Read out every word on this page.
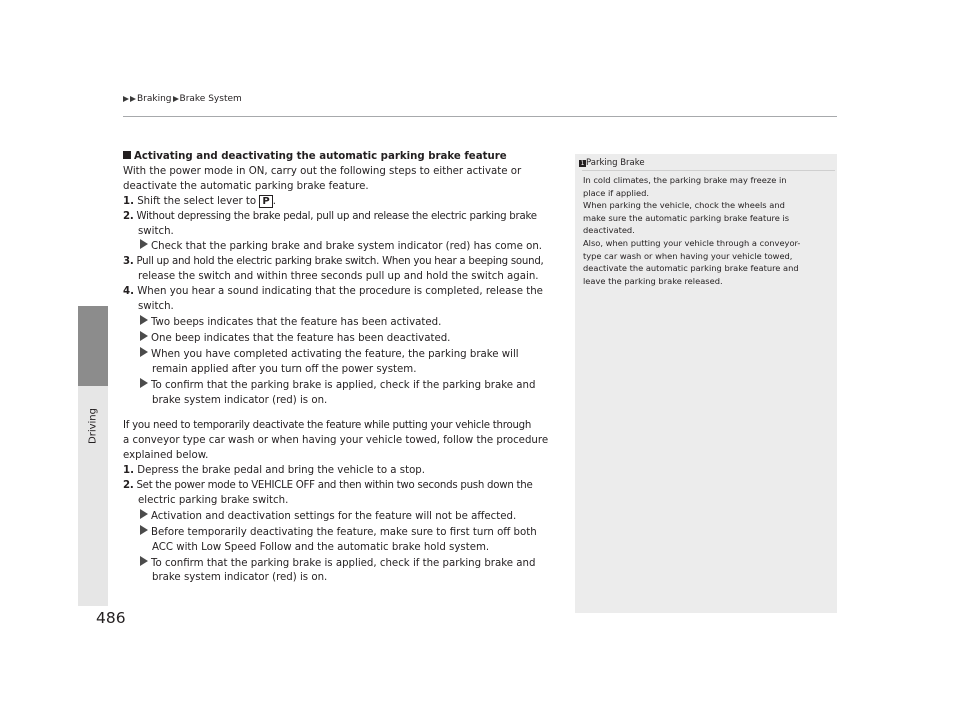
Braking Brake System
Driving
486
Activating and deactivating the automatic parking brake feature
With the power mode in ON, carry out the following steps to either activate or
deactivate the automatic parking brake feature.
1. Shift the select lever to P .
2. Without depressing the brake pedal, pull up and release the electric parking brake
switch.
Check that the parking brake and brake system indicator (red) has come on.
3. Pull up and hold the electric parking brake switch. When you hear a beeping sound,
release the switch and within three seconds pull up and hold the switch again.
4. When you hear a sound indicating that the procedure is completed, release the
switch.
Two beeps indicates that the feature has been activated.
One beep indicates that the feature has been deactivated.
When you have completed activating the feature, the parking brake will
remain applied after you turn off the power system.
To confirm that the parking brake is applied, check if the parking brake and
brake system indicator (red) is on.
If you need to temporarily deactivate the feature while putting your vehicle through
a conveyor type car wash or when having your vehicle towed, follow the procedure
explained below.
1. Depress the brake pedal and bring the vehicle to a stop.
2. Set the power mode to VEHICLE OFF and then within two seconds push down the
electric parking brake switch.
Activation and deactivation settings for the feature will not be affected.
Before temporarily deactivating the feature, make sure to first turn off both
ACC with Low Speed Follow and the automatic brake hold system.
To confirm that the parking brake is applied, check if the parking brake and
brake system indicator (red) is on.
1 Parking Brake
In cold climates, the parking brake may freeze in
place if applied.
When parking the vehicle, chock the wheels and
make sure the automatic parking brake feature is
deactivated.
Also, when putting your vehicle through a conveyor-
type car wash or when having your vehicle towed,
deactivate the automatic parking brake feature and
leave the parking brake released.
